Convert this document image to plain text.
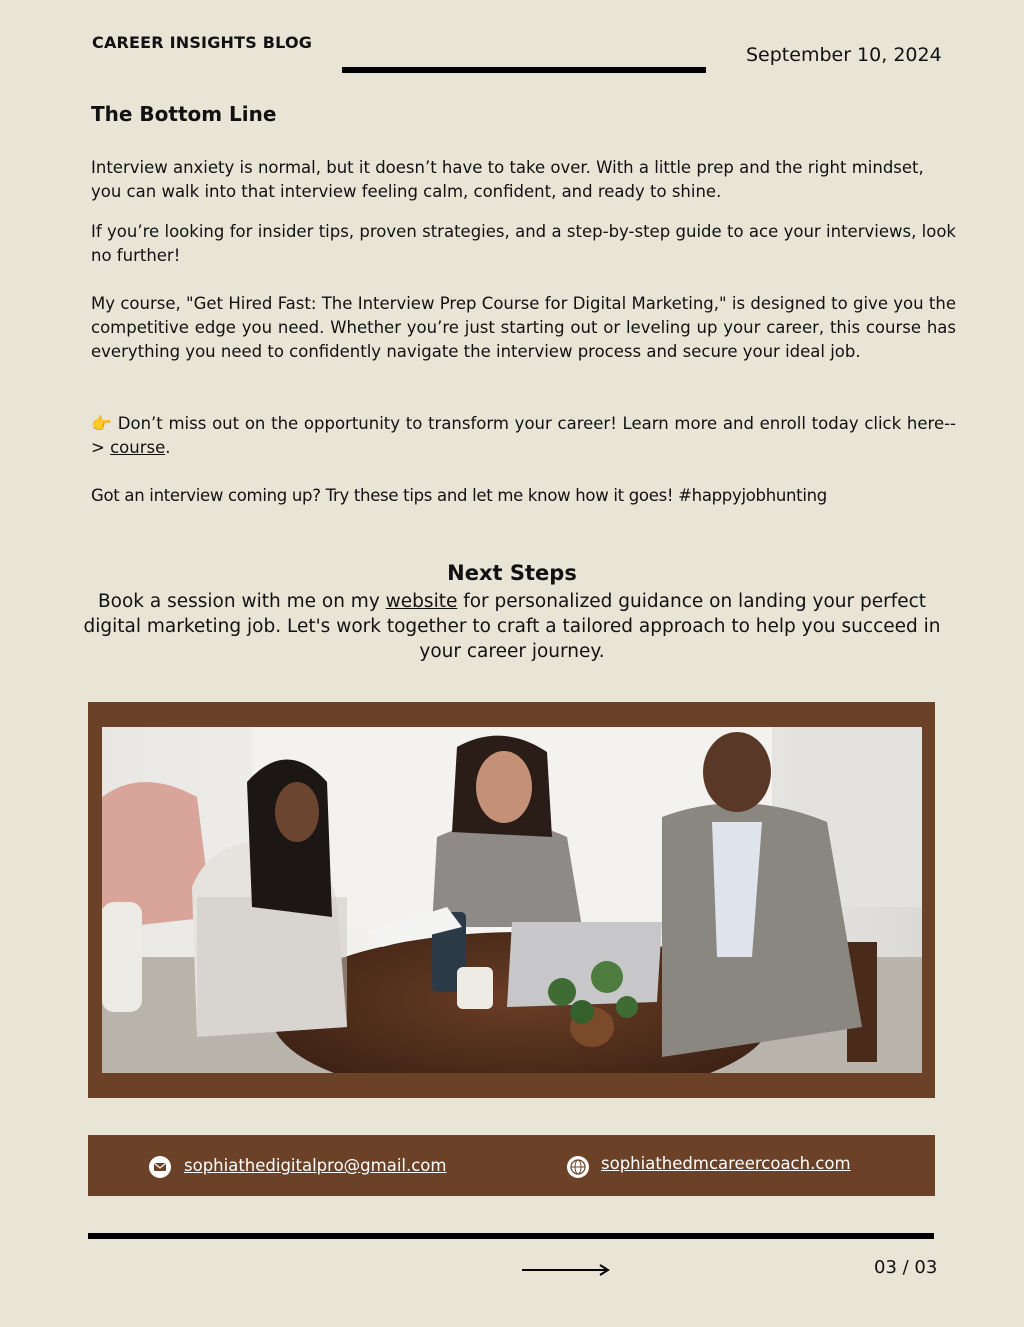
CAREER INSIGHTS BLOG
September 10, 2024
The Bottom Line

Interview anxiety is normal, but it doesn’t have to take over. With a little prep and the right mindset, you can walk into that interview feeling calm, confident, and ready to shine.

If you’re looking for insider tips, proven strategies, and a step-by-step guide to ace your interviews, look no further!

My course, "Get Hired Fast: The Interview Prep Course for Digital Marketing," is designed to give you the competitive edge you need. Whether you’re just starting out or leveling up your career, this course has everything you need to confidently navigate the interview process and secure your ideal job.

👉 Don’t miss out on the opportunity to transform your career! Learn more and enroll today click here--> course.

Got an interview coming up? Try these tips and let me know how it goes! #happyjobhunting

Next Steps

Book a session with me on my website for personalized guidance on landing your perfect digital marketing job. Let's work together to craft a tailored approach to help you succeed in your career journey.

sophiathedigitalpro@gmail.com	sophiathedmcareercoach.com
03 / 03
